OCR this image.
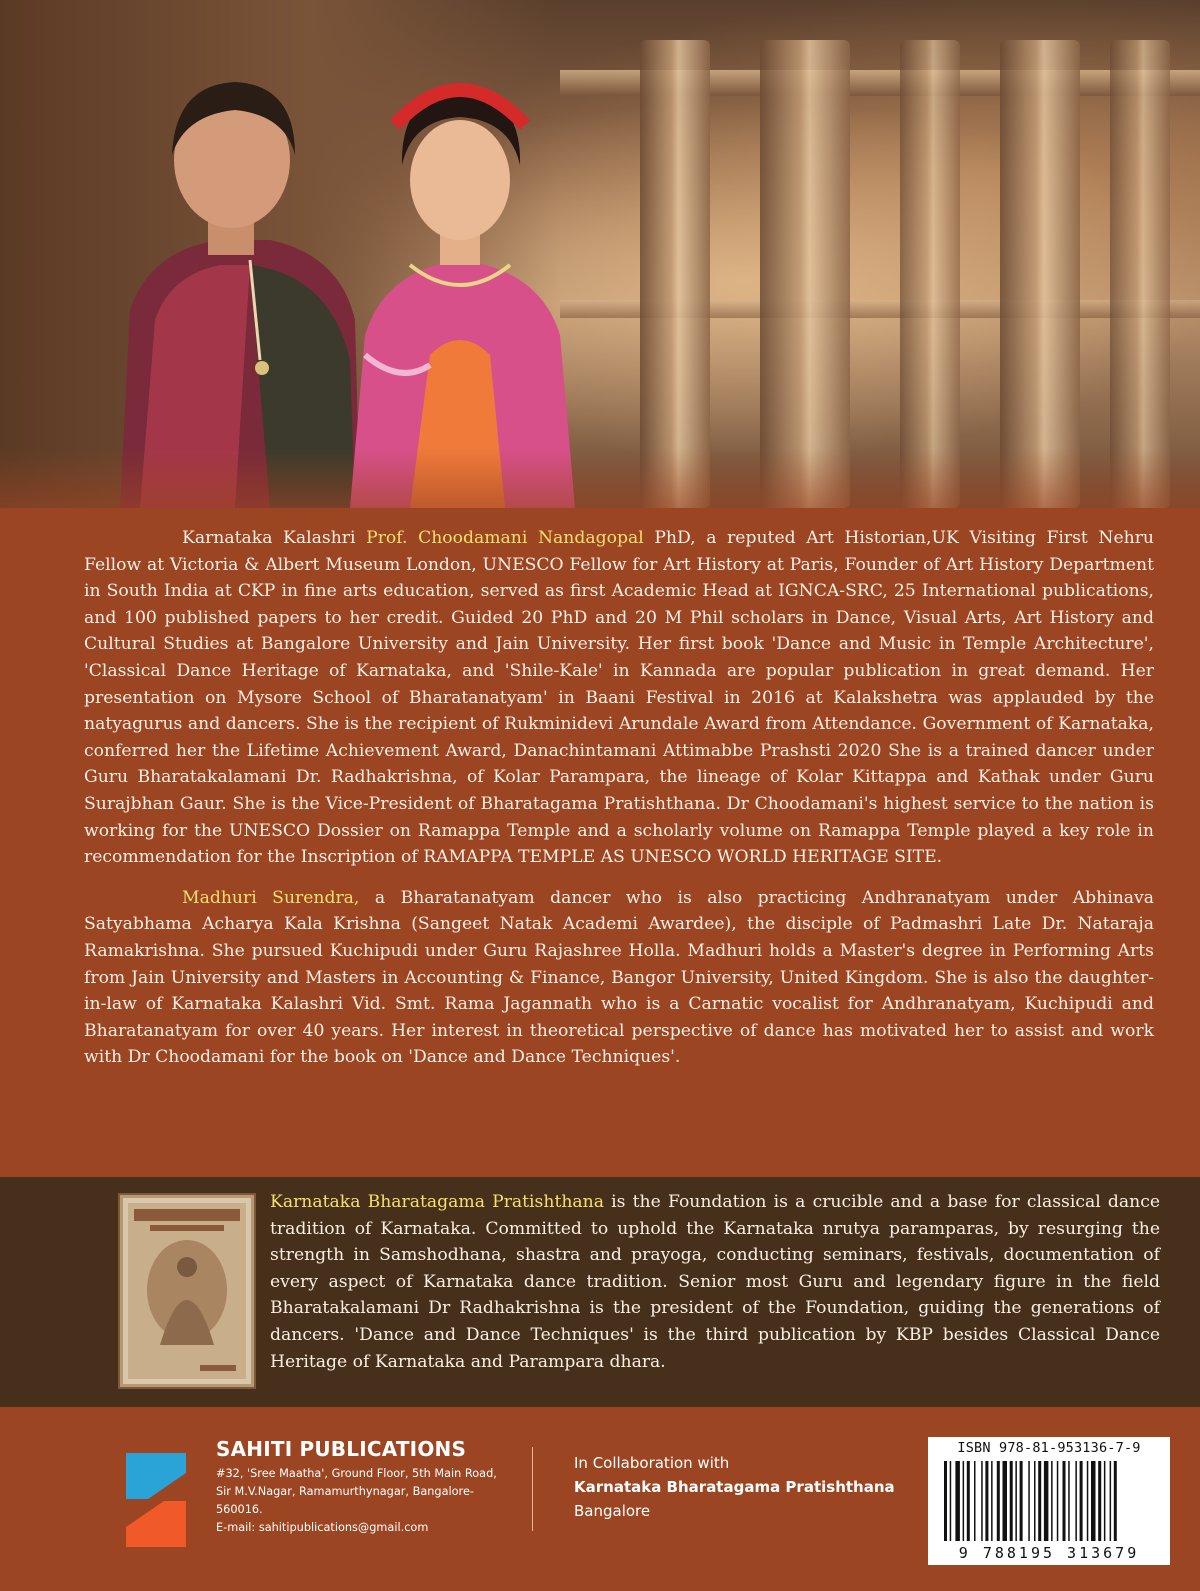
Karnataka Kalashri Prof. Choodamani Nandagopal PhD, a reputed Art Historian,UK Visiting First Nehru Fellow at Victoria & Albert Museum London, UNESCO Fellow for Art History at Paris, Founder of Art History Department in South India at CKP in fine arts education, served as first Academic Head at IGNCA-SRC, 25 International publications, and 100 published papers to her credit. Guided 20 PhD and 20 M Phil scholars in Dance, Visual Arts, Art History and Cultural Studies at Bangalore University and Jain University. Her first book 'Dance and Music in Temple Architecture', 'Classical Dance Heritage of Karnataka, and 'Shile-Kale' in Kannada are popular publication in great demand. Her presentation on Mysore School of Bharatanatyam' in Baani Festival in 2016 at Kalakshetra was applauded by the natyagurus and dancers. She is the recipient of Rukminidevi Arundale Award from Attendance. Government of Karnataka, conferred her the Lifetime Achievement Award, Danachintamani Attimabbe Prashsti 2020 She is a trained dancer under Guru Bharatakalamani Dr. Radhakrishna, of Kolar Parampara, the lineage of Kolar Kittappa and Kathak under Guru Surajbhan Gaur. She is the Vice-President of Bharatagama Pratishthana. Dr Choodamani's highest service to the nation is working for the UNESCO Dossier on Ramappa Temple and a scholarly volume on Ramappa Temple played a key role in recommendation for the Inscription of RAMAPPA TEMPLE AS UNESCO WORLD HERITAGE SITE.

Madhuri Surendra, a Bharatanatyam dancer who is also practicing Andhranatyam under Abhinava Satyabhama Acharya Kala Krishna (Sangeet Natak Academi Awardee), the disciple of Padmashri Late Dr. Nataraja Ramakrishna. She pursued Kuchipudi under Guru Rajashree Holla. Madhuri holds a Master's degree in Performing Arts from Jain University and Masters in Accounting & Finance, Bangor University, United Kingdom. She is also the daughter-in-law of Karnataka Kalashri Vid. Smt. Rama Jagannath who is a Carnatic vocalist for Andhranatyam, Kuchipudi and Bharatanatyam for over 40 years. Her interest in theoretical perspective of dance has motivated her to assist and work with Dr Choodamani for the book on 'Dance and Dance Techniques'.

Karnataka Bharatagama Pratishthana is the Foundation is a crucible and a base for classical dance tradition of Karnataka. Committed to uphold the Karnataka nrutya paramparas, by resurging the strength in Samshodhana, shastra and prayoga, conducting seminars, festivals, documentation of every aspect of Karnataka dance tradition. Senior most Guru and legendary figure in the field Bharatakalamani Dr Radhakrishna is the president of the Foundation, guiding the generations of dancers. 'Dance and Dance Techniques' is the third publication by KBP besides Classical Dance Heritage of Karnataka and Parampara dhara.
SAHITI PUBLICATIONS
#32, 'Sree Maatha', Ground Floor, 5th Main Road,
Sir M.V.Nagar, Ramamurthynagar, Bangalore-560016.
E-mail: sahitipublications@gmail.com
In Collaboration with
Karnataka Bharatagama Pratishthana
Bangalore
ISBN 978-81-953136-7-9
9 788195 313679
